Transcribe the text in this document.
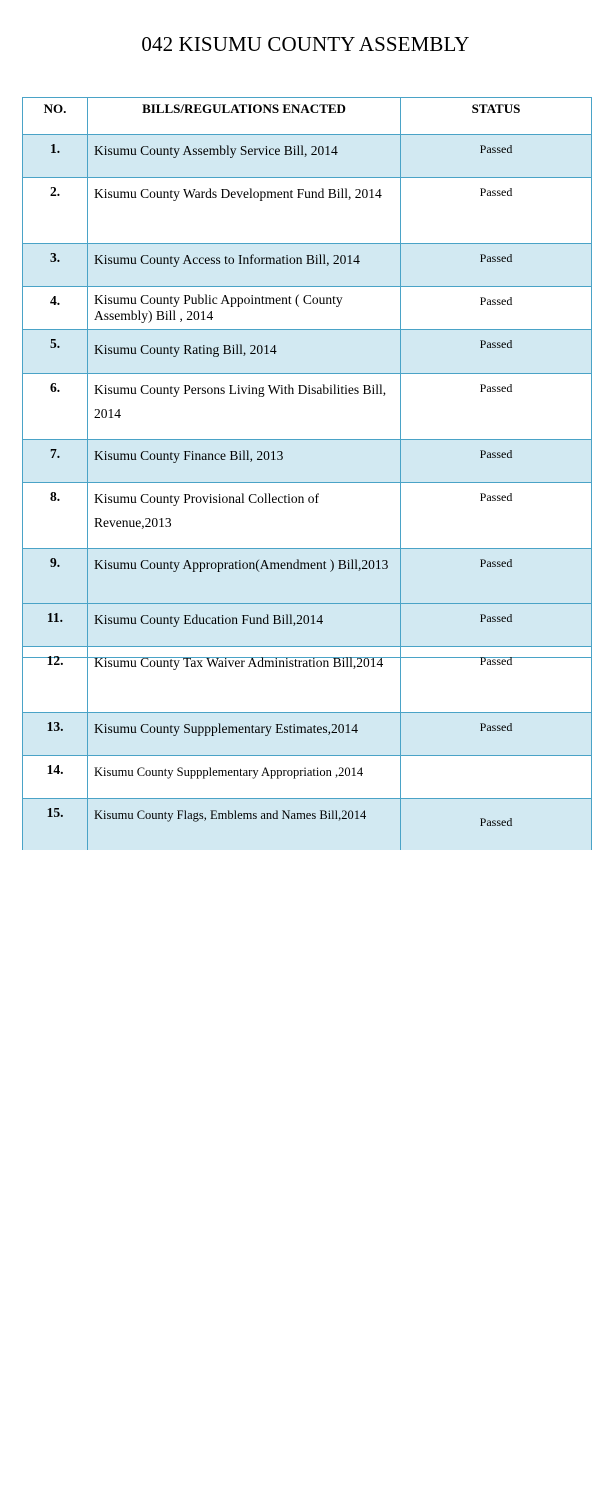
042 KISUMU COUNTY ASSEMBLY
NO.	BILLS/REGULATIONS ENACTED	STATUS
1.	Kisumu County Assembly Service Bill, 2014	Passed
2.	Kisumu County Wards Development Fund Bill, 2014	Passed
3.	Kisumu County Access to Information Bill, 2014	Passed
4.	Kisumu County Public Appointment ( County Assembly) Bill , 2014	Passed
5.	Kisumu County Rating Bill, 2014	Passed
6.	Kisumu County Persons Living With Disabilities Bill, 2014	Passed
7.	Kisumu County Finance Bill, 2013	Passed
8.	Kisumu County Provisional Collection of Revenue,2013	Passed
9.	Kisumu County Appropration(Amendment ) Bill,2013	Passed

11.	Kisumu County Education Fund Bill,2014	Passed
12.	Kisumu County Tax Waiver Administration Bill,2014	Passed
13.	Kisumu County Suppplementary Estimates,2014	Passed
14.	Kisumu County Suppplementary Appropriation ,2014	
15.	Kisumu County Flags, Emblems and Names Bill,2014	Passed
